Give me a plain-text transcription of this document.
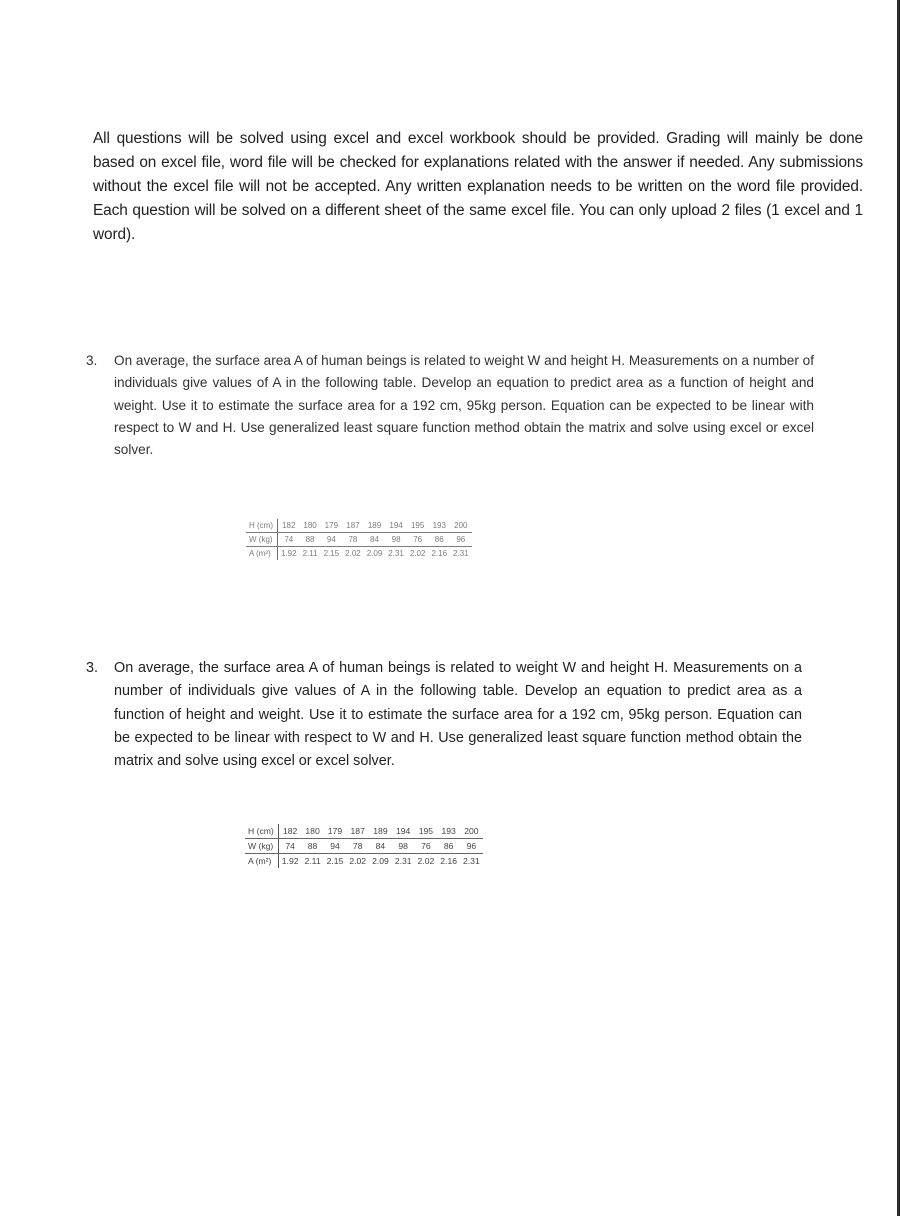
All questions will be solved using excel and excel workbook should be provided. Grading will mainly be done based on excel file, word file will be checked for explanations related with the answer if needed. Any submissions without the excel file will not be accepted. Any written explanation needs to be written on the word file provided. Each question will be solved on a different sheet of the same excel file. You can only upload 2 files (1 excel and 1 word).

3.	On average, the surface area A of human beings is related to weight W and height H. Measurements on a number of individuals give values of A in the following table. Develop an equation to predict area as a function of height and weight. Use it to estimate the surface area for a 192 cm, 95kg person. Equation can be expected to be linear with respect to W and H. Use generalized least square function method obtain the matrix and solve using excel or excel solver.
H (cm)	182	180	179	187	189	194	195	193	200
W (kg)	74	88	94	78	84	98	76	86	96
A (m²)	1.92	2.11	2.15	2.02	2.09	2.31	2.02	2.16	2.31
3.	On average, the surface area A of human beings is related to weight W and height H. Measurements on a number of individuals give values of A in the following table. Develop an equation to predict area as a function of height and weight. Use it to estimate the surface area for a 192 cm, 95kg person. Equation can be expected to be linear with respect to W and H. Use generalized least square function method obtain the matrix and solve using excel or excel solver.
H (cm)	182	180	179	187	189	194	195	193	200
W (kg)	74	88	94	78	84	98	76	86	96
A (m²)	1.92	2.11	2.15	2.02	2.09	2.31	2.02	2.16	2.31
